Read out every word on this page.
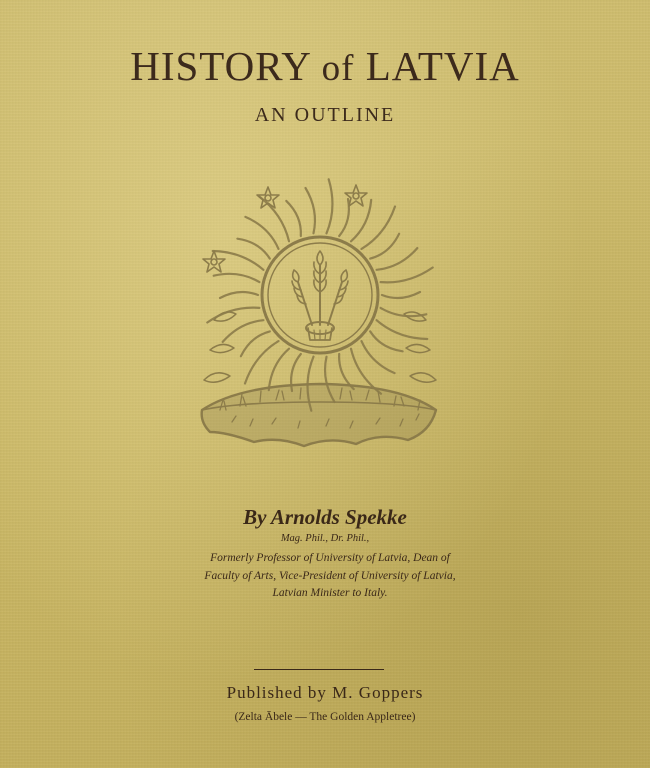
HISTORY of LATVIA
AN OUTLINE
By Arnolds Spekke
Mag. Phil., Dr. Phil.,
Formerly Professor of University of Latvia, Dean of
Faculty of Arts, Vice-President of University of Latvia,
Latvian Minister to Italy.
Published by M. Goppers
(Zelta Ābele — The Golden Appletree)
